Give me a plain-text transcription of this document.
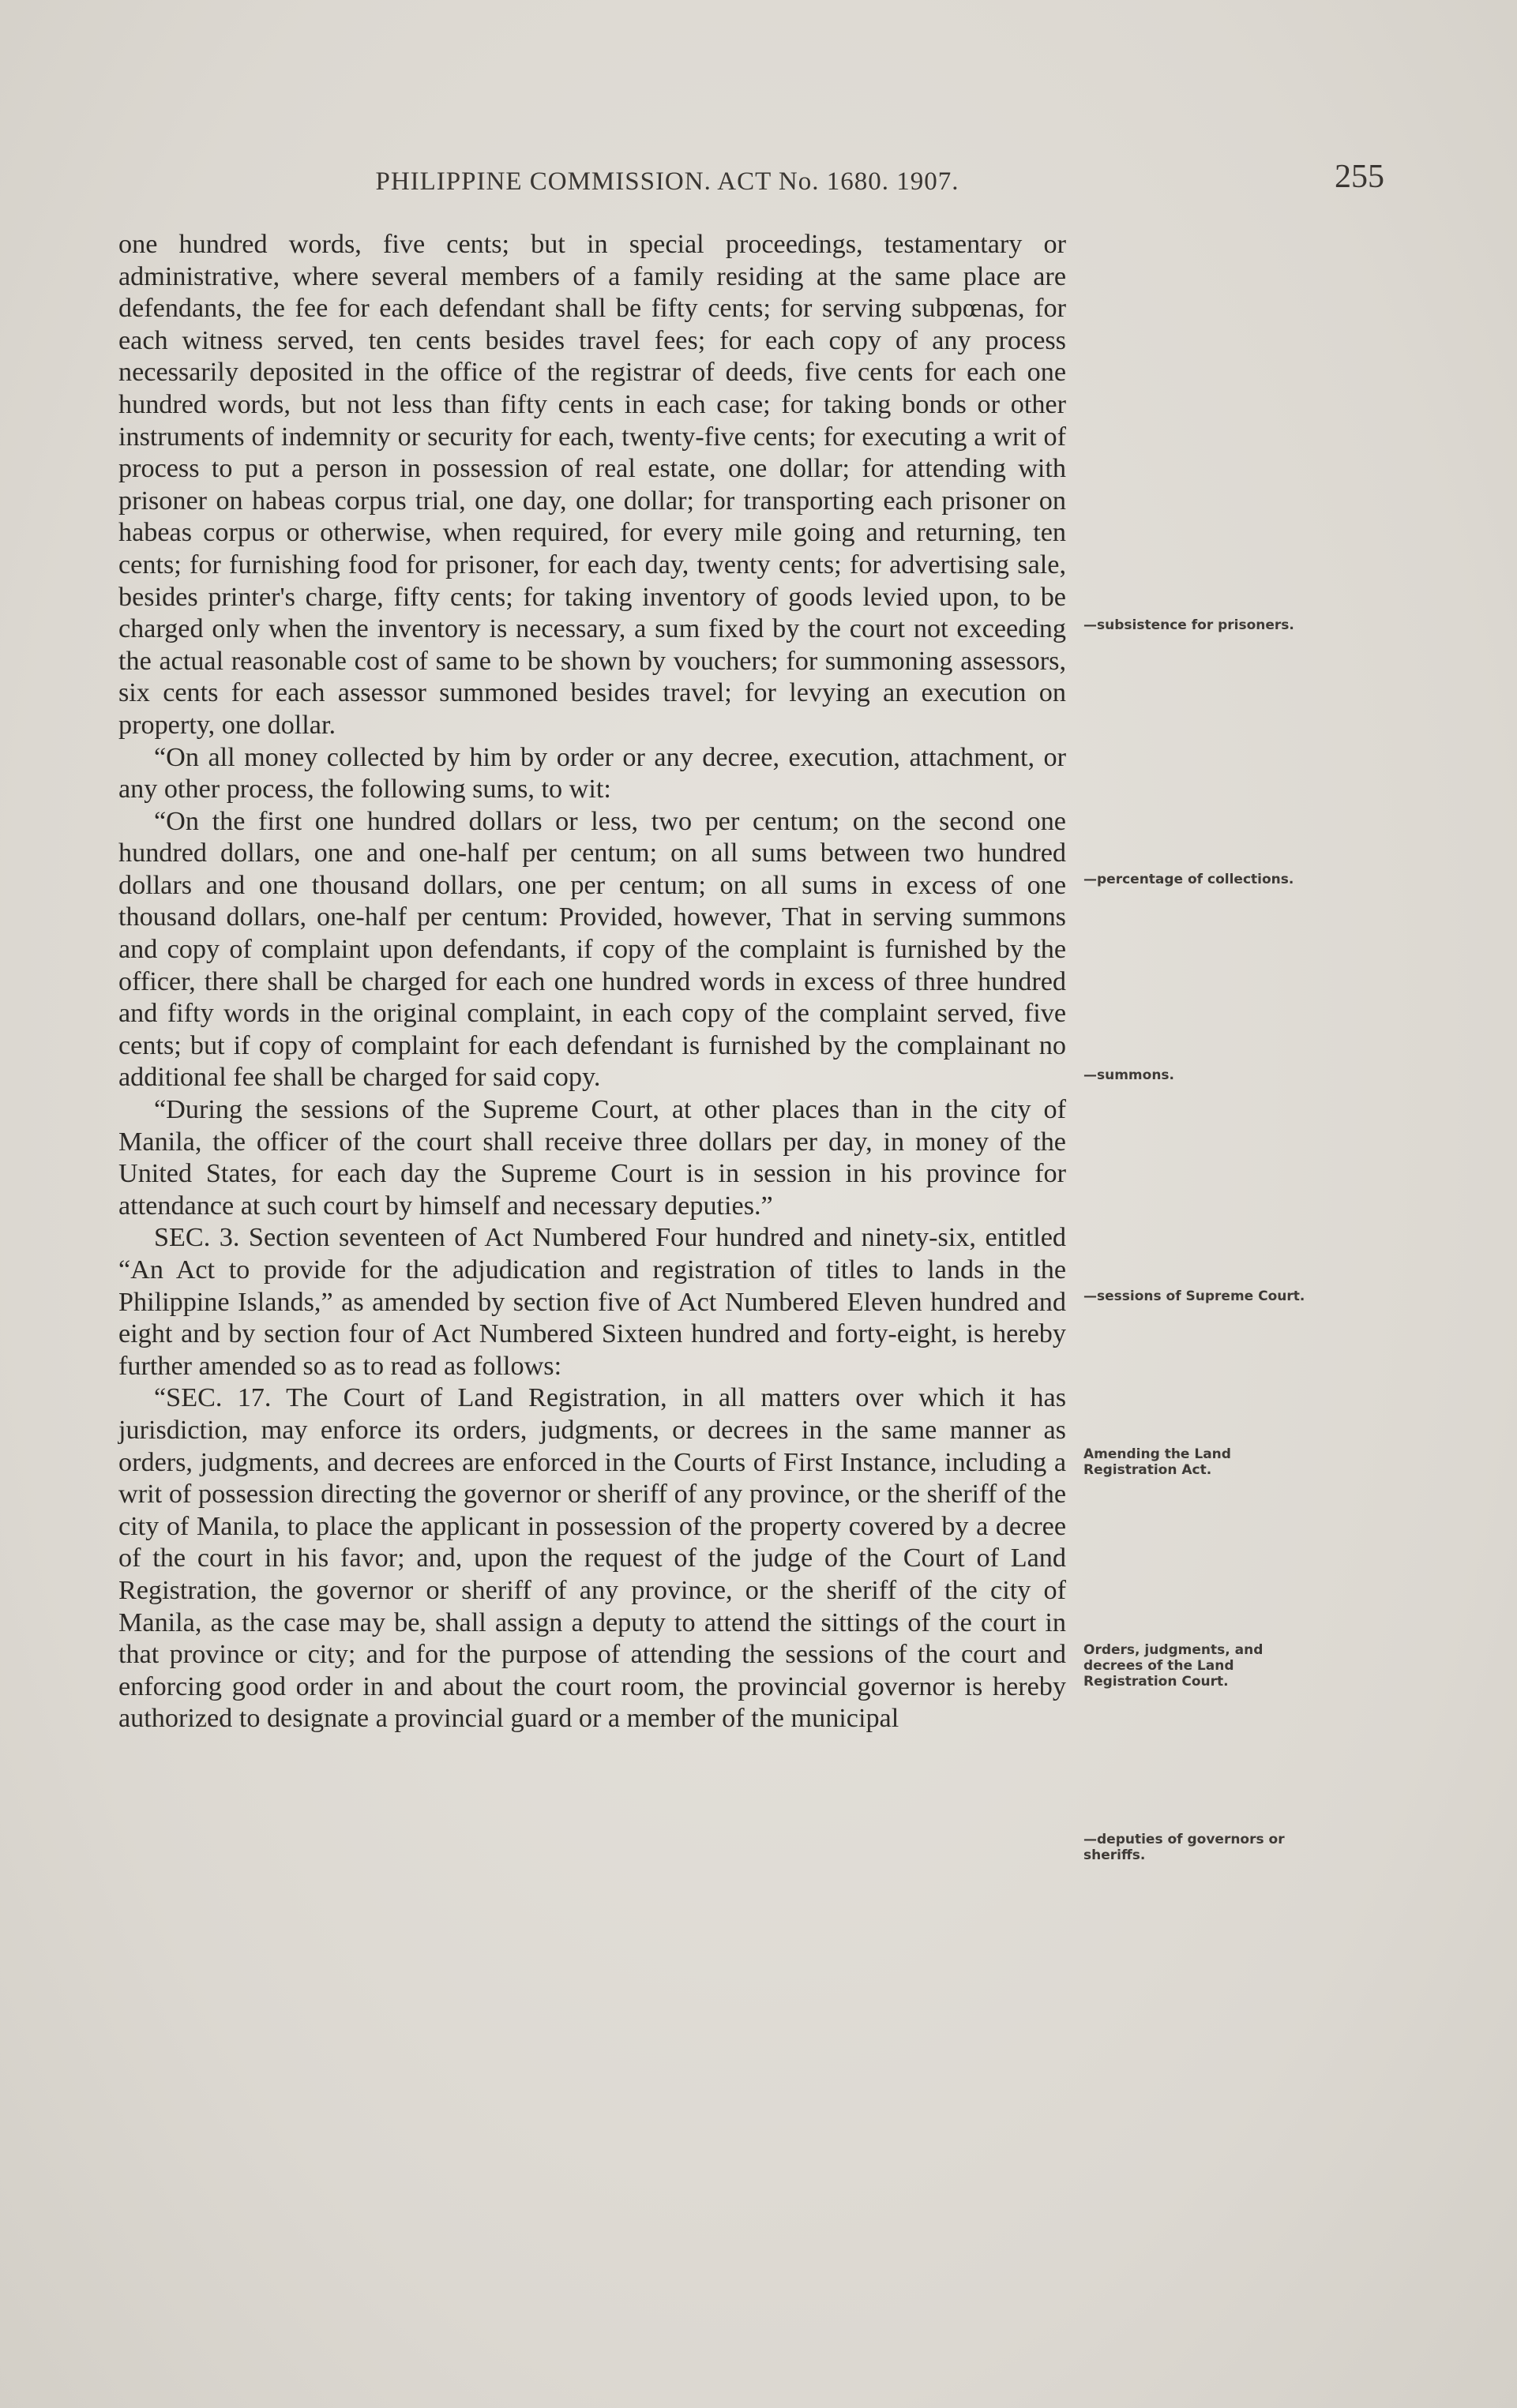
PHILIPPINE COMMISSION. ACT No. 1680. 1907.	255

one hundred words, five cents; but in special proceedings, testamentary or administrative, where several members of a family residing at the same place are defendants, the fee for each defendant shall be fifty cents; for serving subpœnas, for each witness served, ten cents besides travel fees; for each copy of any process necessarily deposited in the office of the registrar of deeds, five cents for each one hundred words, but not less than fifty cents in each case; for taking bonds or other instruments of indemnity or security for each, twenty-five cents; for executing a writ of process to put a person in possession of real estate, one dollar; for attending with prisoner on habeas corpus trial, one day, one dollar; for transporting each prisoner on habeas corpus or otherwise, when required, for every mile going and returning, ten cents; for furnishing food for prisoner, for each day, twenty cents; for advertising sale, besides printer's charge, fifty cents; for taking inventory of goods levied upon, to be charged only when the inventory is necessary, a sum fixed by the court not exceeding the actual reasonable cost of same to be shown by vouchers; for summoning assessors, six cents for each assessor summoned besides travel; for levying an execution on property, one dollar.

“On all money collected by him by order or any decree, execution, attachment, or any other process, the following sums, to wit:

“On the first one hundred dollars or less, two per centum; on the second one hundred dollars, one and one-half per centum; on all sums between two hundred dollars and one thousand dollars, one per centum; on all sums in excess of one thousand dollars, one-half per centum: Provided, however, That in serving summons and copy of complaint upon defendants, if copy of the complaint is furnished by the officer, there shall be charged for each one hundred words in excess of three hundred and fifty words in the original complaint, in each copy of the complaint served, five cents; but if copy of complaint for each defendant is furnished by the complainant no additional fee shall be charged for said copy.

“During the sessions of the Supreme Court, at other places than in the city of Manila, the officer of the court shall receive three dollars per day, in money of the United States, for each day the Supreme Court is in session in his province for attendance at such court by himself and necessary deputies.”

SEC. 3. Section seventeen of Act Numbered Four hundred and ninety-six, entitled “An Act to provide for the adjudication and registration of titles to lands in the Philippine Islands,” as amended by section five of Act Numbered Eleven hundred and eight and by section four of Act Numbered Sixteen hundred and forty-eight, is hereby further amended so as to read as follows:

“SEC. 17. The Court of Land Registration, in all matters over which it has jurisdiction, may enforce its orders, judgments, or decrees in the same manner as orders, judgments, and decrees are enforced in the Courts of First Instance, including a writ of possession directing the governor or sheriff of any province, or the sheriff of the city of Manila, to place the applicant in possession of the property covered by a decree of the court in his favor; and, upon the request of the judge of the Court of Land Registration, the governor or sheriff of any province, or the sheriff of the city of Manila, as the case may be, shall assign a deputy to attend the sittings of the court in that province or city; and for the purpose of attending the sessions of the court and enforcing good order in and about the court room, the provincial governor is hereby authorized to designate a provincial guard or a member of the municipal

—subsistence for prisoners.
—percentage of collections.
—summons.
—sessions of Supreme Court.
Amending the Land Registration Act.
Orders, judgments, and decrees of the Land Registration Court.
—deputies of governors or sheriffs.
